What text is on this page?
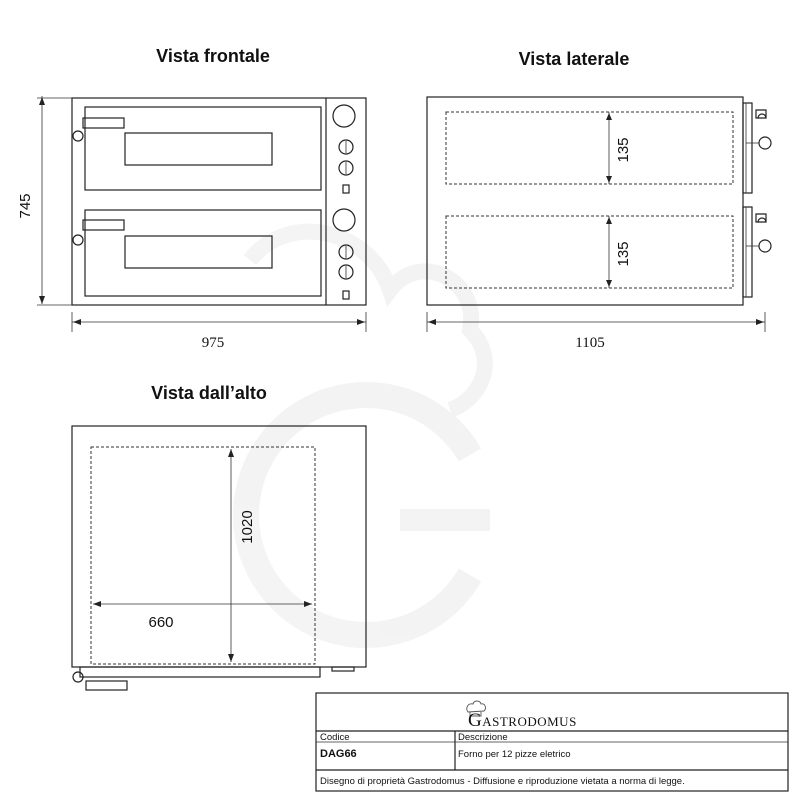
Vista frontale
745
975
Vista laterale
135
135
1105
Vista dall’alto
1020
660
Gastrodomus
Codice
DAG66
Descrizione
Forno per 12 pizze eletrico
Disegno di proprietà Gastrodomus - Diffusione e riproduzione vietata a norma di legge.
